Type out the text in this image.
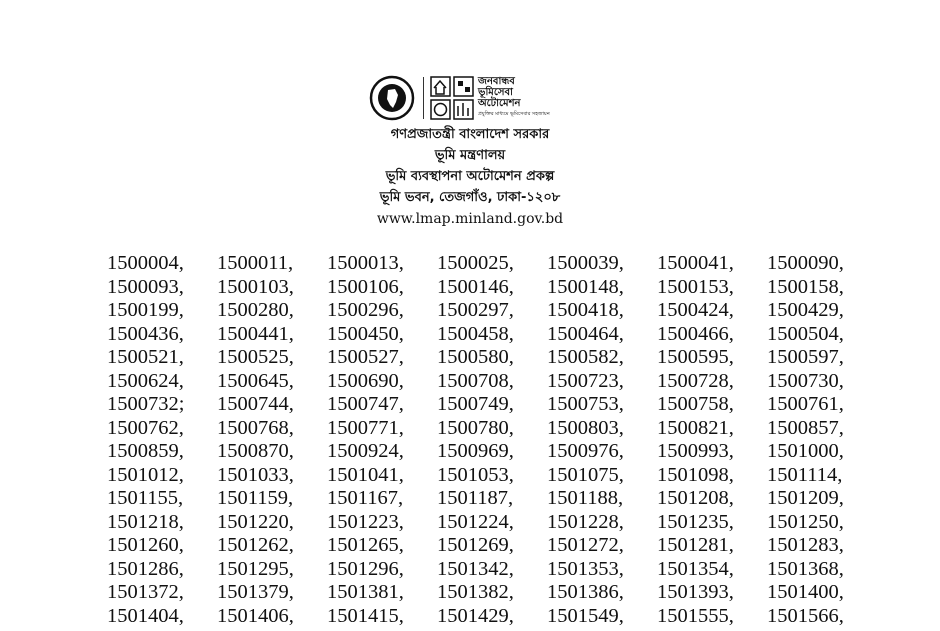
জনবান্ধব
ভূমিসেবা
অটোমেশন
প্রযুক্তির মাধ্যমে ভূমিসেবার সহজায়ন
গণপ্রজাতন্ত্রী বাংলাদেশ সরকার
ভূমি মন্ত্রণালয়
ভূমি ব্যবস্থাপনা অটোমেশন প্রকল্প
ভূমি ভবন, তেজগাঁও, ঢাকা-১২০৮
www.lmap.minland.gov.bd
1500004,	1500011,	1500013,	1500025,	1500039,	1500041,	1500090,
1500093,	1500103,	1500106,	1500146,	1500148,	1500153,	1500158,
1500199,	1500280,	1500296,	1500297,	1500418,	1500424,	1500429,
1500436,	1500441,	1500450,	1500458,	1500464,	1500466,	1500504,
1500521,	1500525,	1500527,	1500580,	1500582,	1500595,	1500597,
1500624,	1500645,	1500690,	1500708,	1500723,	1500728,	1500730,
1500732;	1500744,	1500747,	1500749,	1500753,	1500758,	1500761,
1500762,	1500768,	1500771,	1500780,	1500803,	1500821,	1500857,
1500859,	1500870,	1500924,	1500969,	1500976,	1500993,	1501000,
1501012,	1501033,	1501041,	1501053,	1501075,	1501098,	1501114,
1501155,	1501159,	1501167,	1501187,	1501188,	1501208,	1501209,
1501218,	1501220,	1501223,	1501224,	1501228,	1501235,	1501250,
1501260,	1501262,	1501265,	1501269,	1501272,	1501281,	1501283,
1501286,	1501295,	1501296,	1501342,	1501353,	1501354,	1501368,
1501372,	1501379,	1501381,	1501382,	1501386,	1501393,	1501400,
1501404,	1501406,	1501415,	1501429,	1501549,	1501555,	1501566,
